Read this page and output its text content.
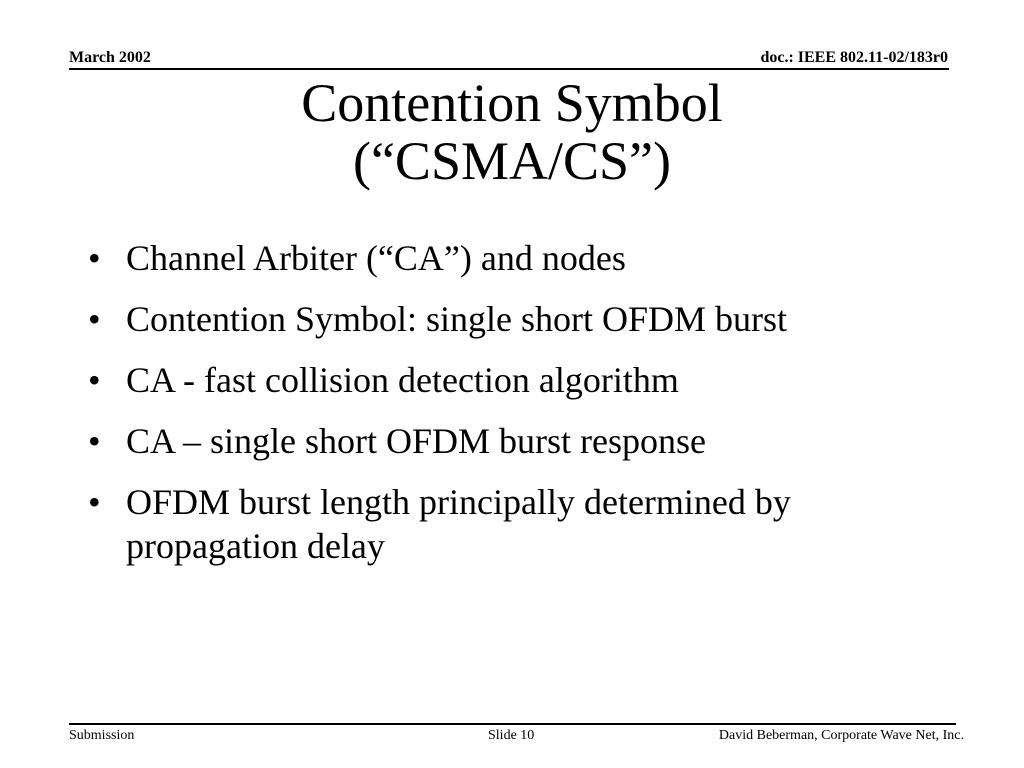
March 2002	doc.: IEEE 802.11-02/183r0
Contention Symbol
(“CSMA/CS”)
• Channel Arbiter (“CA”) and nodes
• Contention Symbol: single short OFDM burst
• CA - fast collision detection algorithm
• CA – single short OFDM burst response
• OFDM burst length principally determined by propagation delay
Submission	Slide 10	David Beberman, Corporate Wave Net, Inc.
